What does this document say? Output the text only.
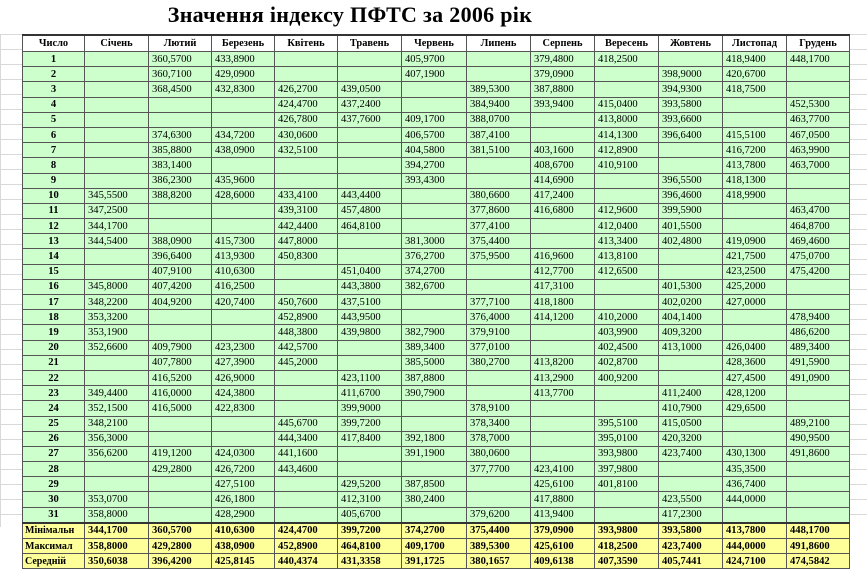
Значення індексу ПФТС за 2006 рік
Число	Січень	Лютий	Березень	Квітень	Травень	Червень	Липень	Серпень	Вересень	Жовтень	Листопад	Грудень
1		360,5700	433,8900			405,9700		379,4800	418,2500		418,9400	448,1700
2		360,7100	429,0900			407,1900		379,0900		398,9000	420,6700	
3		368,4500	432,8300	426,2700	439,0500		389,5300	387,8800		394,9300	418,7500	
4				424,4700	437,2400		384,9400	393,9400	415,0400	393,5800		452,5300
5				426,7800	437,7600	409,1700	388,0700		413,8000	393,6600		463,7700
6		374,6300	434,7200	430,0600		406,5700	387,4100		414,1300	396,6400	415,5100	467,0500
7		385,8800	438,0900	432,5100		404,5800	381,5100	403,1600	412,8900		416,7200	463,9900
8		383,1400				394,2700		408,6700	410,9100		413,7800	463,7000
9		386,2300	435,9600			393,4300		414,6900		396,5500	418,1300	
10	345,5500	388,8200	428,6000	433,4100	443,4400		380,6600	417,2400		396,4600	418,9900	
11	347,2500			439,3100	457,4800		377,8600	416,6800	412,9600	399,5900		463,4700
12	344,1700			442,4400	464,8100		377,4100		412,0400	401,5500		464,8700
13	344,5400	388,0900	415,7300	447,8000		381,3000	375,4400		413,3400	402,4800	419,0900	469,4600
14		396,6400	413,9300	450,8300		376,2700	375,9500	416,9600	413,8100		421,7500	475,0700
15		407,9100	410,6300		451,0400	374,2700		412,7700	412,6500		423,2500	475,4200
16	345,8000	407,4200	416,2500		443,3800	382,6700		417,3100		401,5300	425,2000	
17	348,2200	404,9200	420,7400	450,7600	437,5100		377,7100	418,1800		402,0200	427,0000	
18	353,3200			452,8900	443,9500		376,4000	414,1200	410,2000	404,1400		478,9400
19	353,1900			448,3800	439,9800	382,7900	379,9100		403,9900	409,3200		486,6200
20	352,6600	409,7900	423,2300	442,5700		389,3400	377,0100		402,4500	413,1000	426,0400	489,3400
21		407,7800	427,3900	445,2000		385,5000	380,2700	413,8200	402,8700		428,3600	491,5900
22		416,5200	426,9000		423,1100	387,8800		413,2900	400,9200		427,4500	491,0900
23	349,4400	416,0000	424,3800		411,6700	390,7900		413,7700		411,2400	428,1200	
24	352,1500	416,5000	422,8300		399,9000		378,9100			410,7900	429,6500	
25	348,2100			445,6700	399,7200		378,3400		395,5100	415,0500		489,2100
26	356,3000			444,3400	417,8400	392,1800	378,7000		395,0100	420,3200		490,9500
27	356,6200	419,1200	424,0300	441,1600		391,1900	380,0600		393,9800	423,7400	430,1300	491,8600
28		429,2800	426,7200	443,4600			377,7700	423,4100	397,9800		435,3500	
29			427,5100		429,5200	387,8500		425,6100	401,8100		436,7400	
30	353,0700		426,1800		412,3100	380,2400		417,8800		423,5500	444,0000	
31	358,8000		428,2900		405,6700		379,6200	413,9400		417,2300		
Мінімальн	344,1700	360,5700	410,6300	424,4700	399,7200	374,2700	375,4400	379,0900	393,9800	393,5800	413,7800	448,1700
Максимал	358,8000	429,2800	438,0900	452,8900	464,8100	409,1700	389,5300	425,6100	418,2500	423,7400	444,0000	491,8600
Середній	350,6038	396,4200	425,8145	440,4374	431,3358	391,1725	380,1657	409,6138	407,3590	405,7441	424,7100	474,5842
